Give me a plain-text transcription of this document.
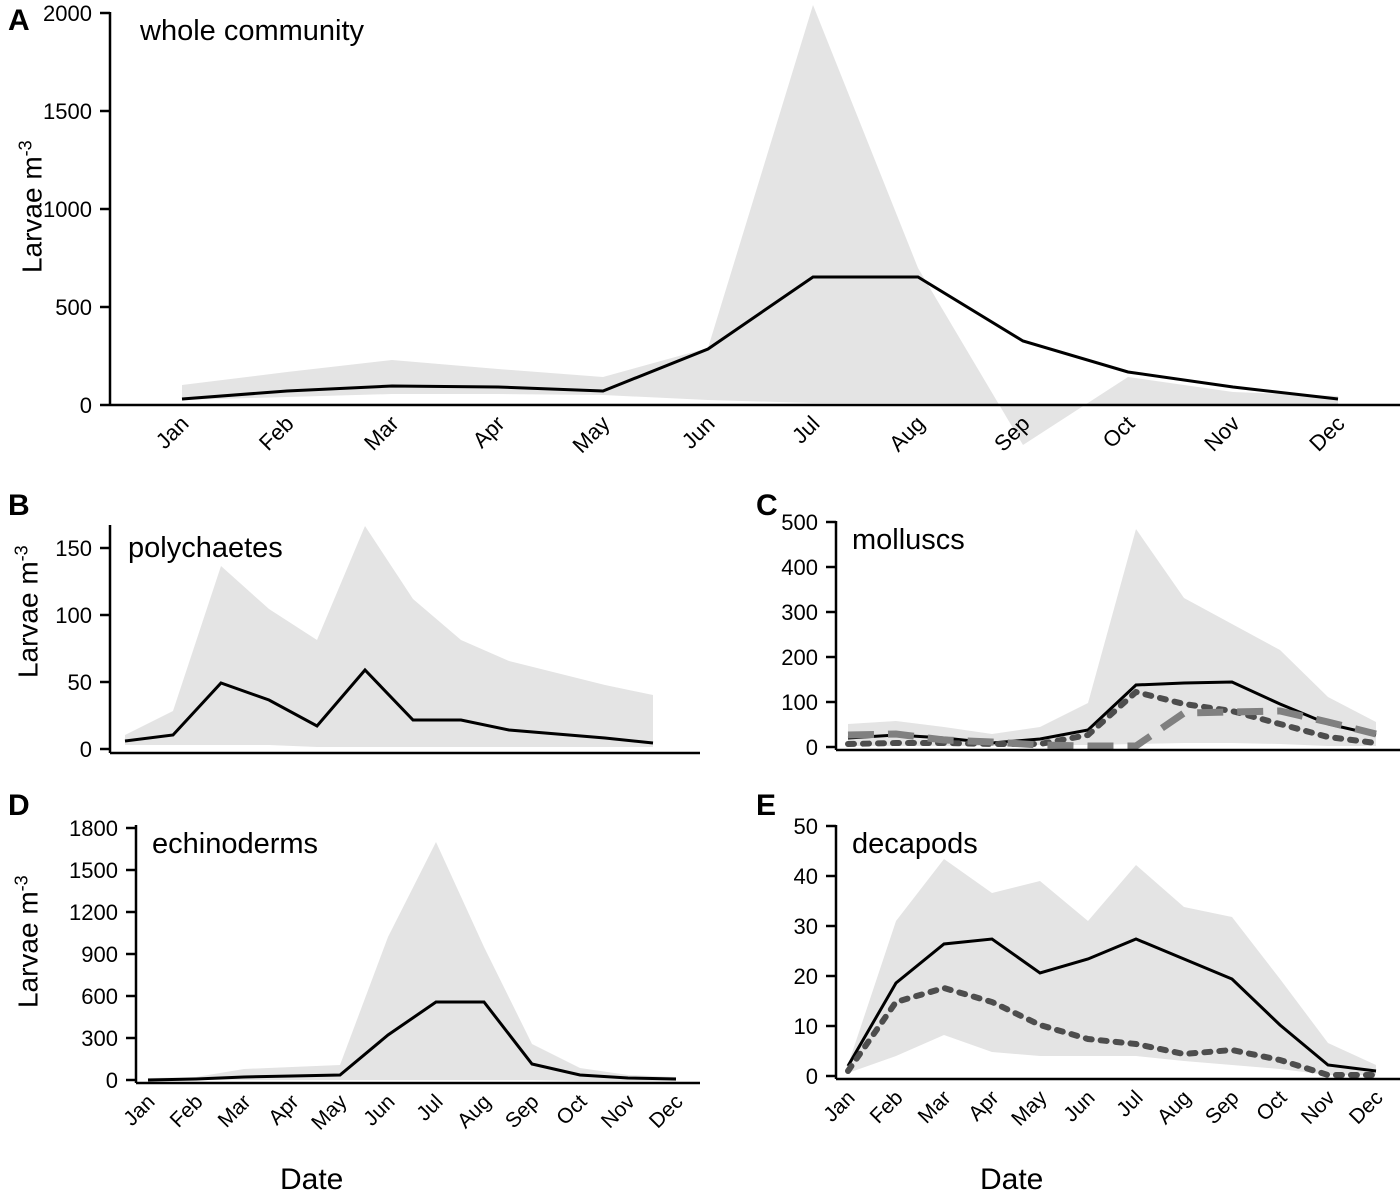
A
Larvae $m^{-3}$
0
500
1000
1500
2000
Jan	Feb	Mar	Apr	May	Jun	Jul	Aug	Sep	Oct	Nov	Dec
whole community
B
Larvae $m^{-3}$
0
50
100
150 polychaetes
C
0
100
200
300
400
500
molluscs
D
Larvae $m^{-3}$
Date
0
300
600
900
1200
1500
1800
Jan Feb Mar Apr May Jun Jul Aug Sep Oct Nov Dec
echinoderms
E
Date
0
10
20
30
40
50
Jan Feb Mar Apr May Jun Jul Aug Sep Oct Nov Dec
decapods
